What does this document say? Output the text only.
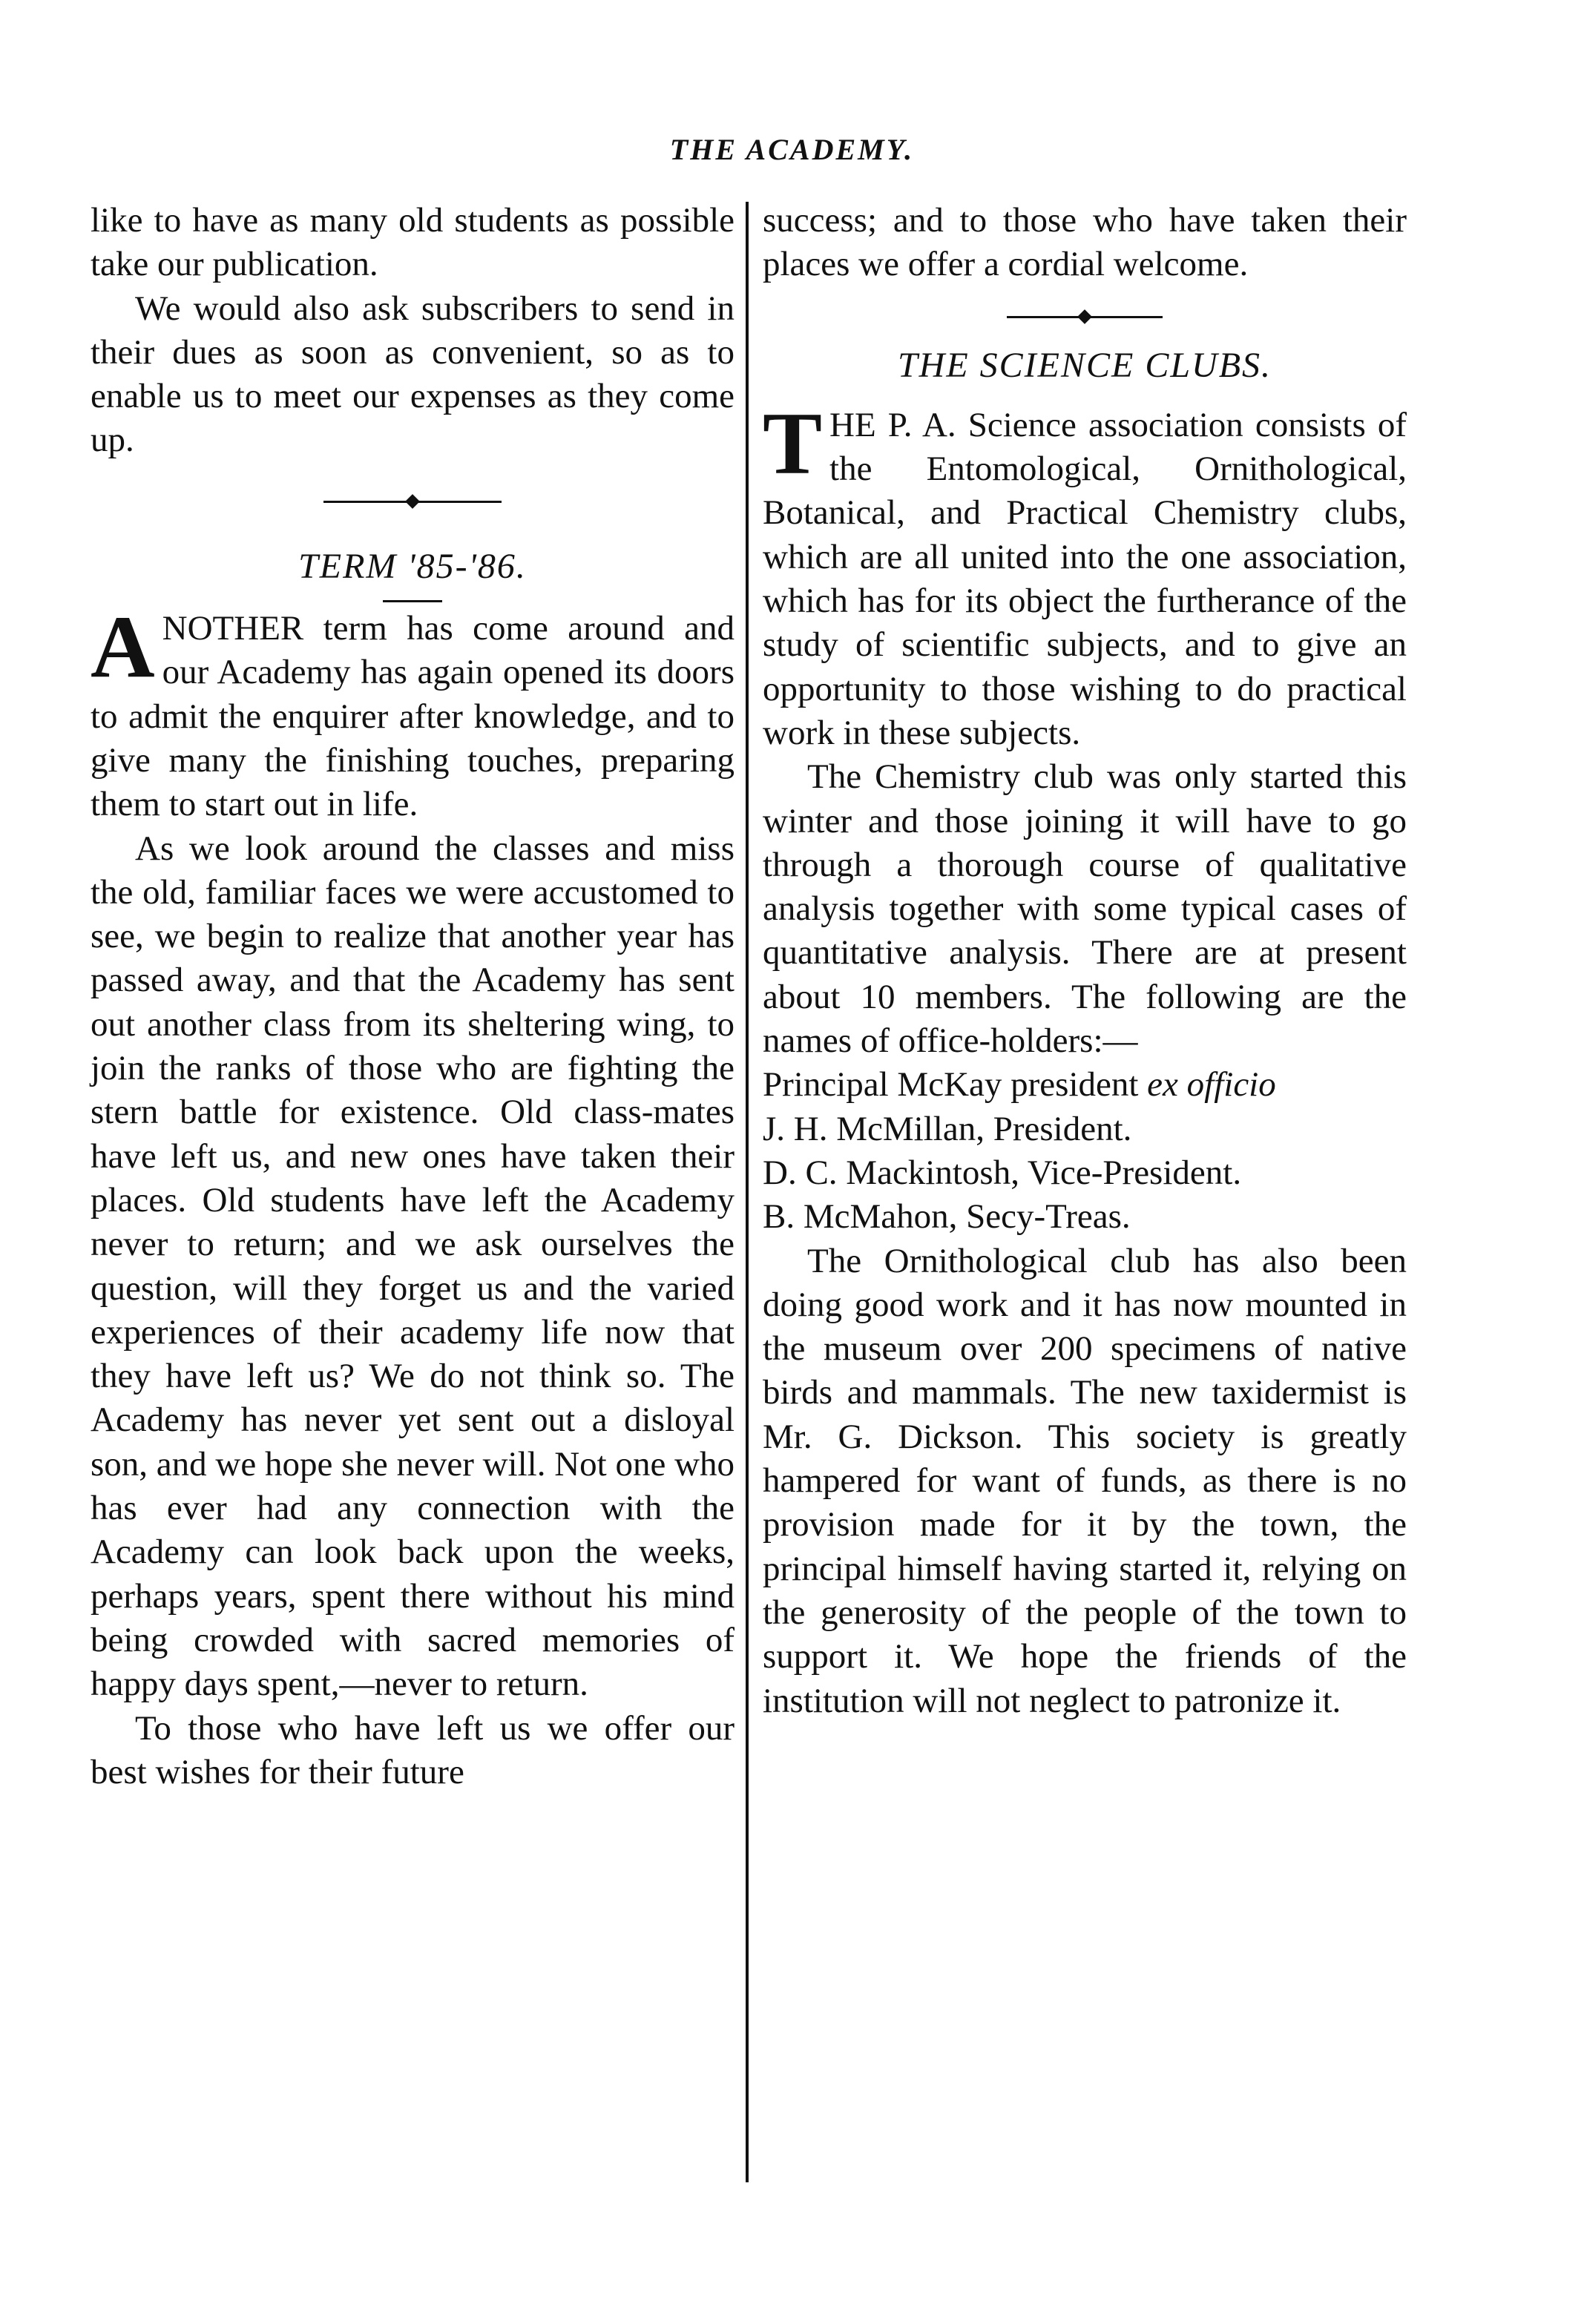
THE ACADEMY.

like to have as many old students as possible take our publication.

We would also ask subscribers to send in their dues as soon as convenient, so as to enable us to meet our expenses as they come up.

TERM '85-'86.

ANOTHER term has come around and our Academy has again opened its doors to admit the enquirer after knowledge, and to give many the finishing touches, preparing them to start out in life.

As we look around the classes and miss the old, familiar faces we were accustomed to see, we begin to realize that another year has passed away, and that the Academy has sent out another class from its sheltering wing, to join the ranks of those who are fighting the stern battle for existence. Old class-mates have left us, and new ones have taken their places. Old students have left the Academy never to return; and we ask ourselves the question, will they forget us and the varied experiences of their academy life now that they have left us? We do not think so. The Academy has never yet sent out a disloyal son, and we hope she never will. Not one who has ever had any connection with the Academy can look back upon the weeks, perhaps years, spent there without his mind being crowded with sacred memories of happy days spent,—never to return.

To those who have left us we offer our best wishes for their future

success; and to those who have taken their places we offer a cordial welcome.

THE SCIENCE CLUBS.

THE P. A. Science association consists of the Entomological, Ornithological, Botanical, and Practical Chemistry clubs, which are all united into the one association, which has for its object the furtherance of the study of scientific subjects, and to give an opportunity to those wishing to do practical work in these subjects.

The Chemistry club was only started this winter and those joining it will have to go through a thorough course of qualitative analysis together with some typical cases of quantitative analysis. There are at present about 10 members. The following are the names of office-holders:—

Principal McKay president ex officio

J. H. McMillan, President.

D. C. Mackintosh, Vice-President.

B. McMahon, Secy-Treas.

The Ornithological club has also been doing good work and it has now mounted in the museum over 200 specimens of native birds and mammals. The new taxidermist is Mr. G. Dickson. This society is greatly hampered for want of funds, as there is no provision made for it by the town, the principal himself having started it, relying on the generosity of the people of the town to support it. We hope the friends of the institution will not neglect to patronize it.
